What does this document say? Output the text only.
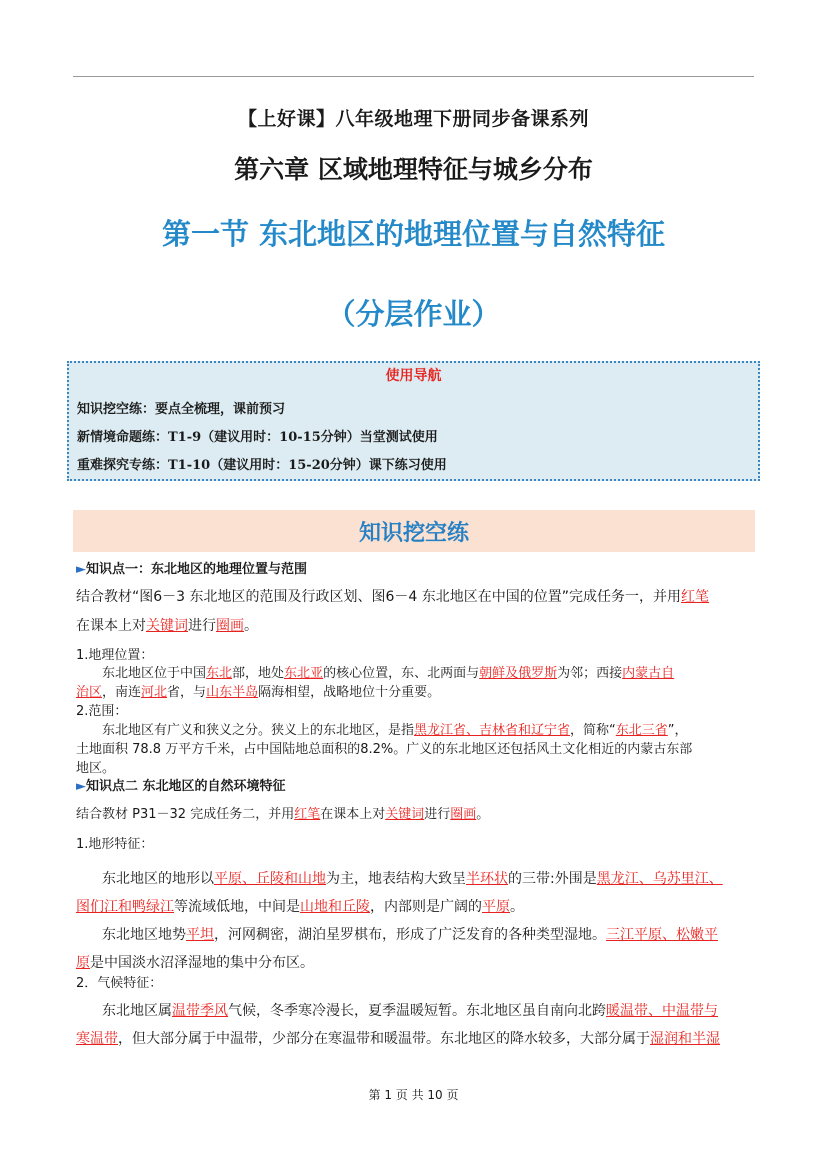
【上好课】八年级地理下册同步备课系列
第六章 区域地理特征与城乡分布
第一节 东北地区的地理位置与自然特征
（分层作业）
使用导航
知识挖空练：要点全梳理，课前预习
新情境命题练：T1-9（建议用时：10-15分钟）当堂测试使用
重难探究专练：T1-10（建议用时：15-20分钟）课下练习使用
知识挖空练
►知识点一：东北地区的地理位置与范围
结合教材“图6－3 东北地区的范围及行政区划、图6－4 东北地区在中国的位置”完成任务一，并用红笔
在课本上对关键词进行圈画。
1.地理位置：
东北地区位于中国东北部，地处东北亚的核心位置，东、北两面与朝鲜及俄罗斯为邻；西接内蒙古自
治区，南连河北省，与山东半岛隔海相望，战略地位十分重要。
2.范围：
东北地区有广义和狭义之分。狭义上的东北地区，是指黑龙江省、吉林省和辽宁省，简称“东北三省”，
土地面积 78.8 万平方千米，占中国陆地总面积的8.2%。广义的东北地区还包括风土文化相近的内蒙古东部
地区。
►知识点二 东北地区的自然环境特征
结合教材 P31－32 完成任务二，并用红笔在课本上对关键词进行圈画。
1.地形特征：
东北地区的地形以平原、丘陵和山地为主，地表结构大致呈半环状的三带:外围是黑龙江、乌苏里江、
图们江和鸭绿江等流域低地，中间是山地和丘陵，内部则是广阔的平原。
东北地区地势平坦，河网稠密，湖泊星罗棋布，形成了广泛发育的各种类型湿地。三江平原、松嫩平
原是中国淡水沼泽湿地的集中分布区。
2．气候特征：
东北地区属温带季风气候，冬季寒冷漫长，夏季温暖短暂。东北地区虽自南向北跨暖温带、中温带与
寒温带，但大部分属于中温带，少部分在寒温带和暖温带。东北地区的降水较多，大部分属于湿润和半湿
第 1 页 共 10 页
